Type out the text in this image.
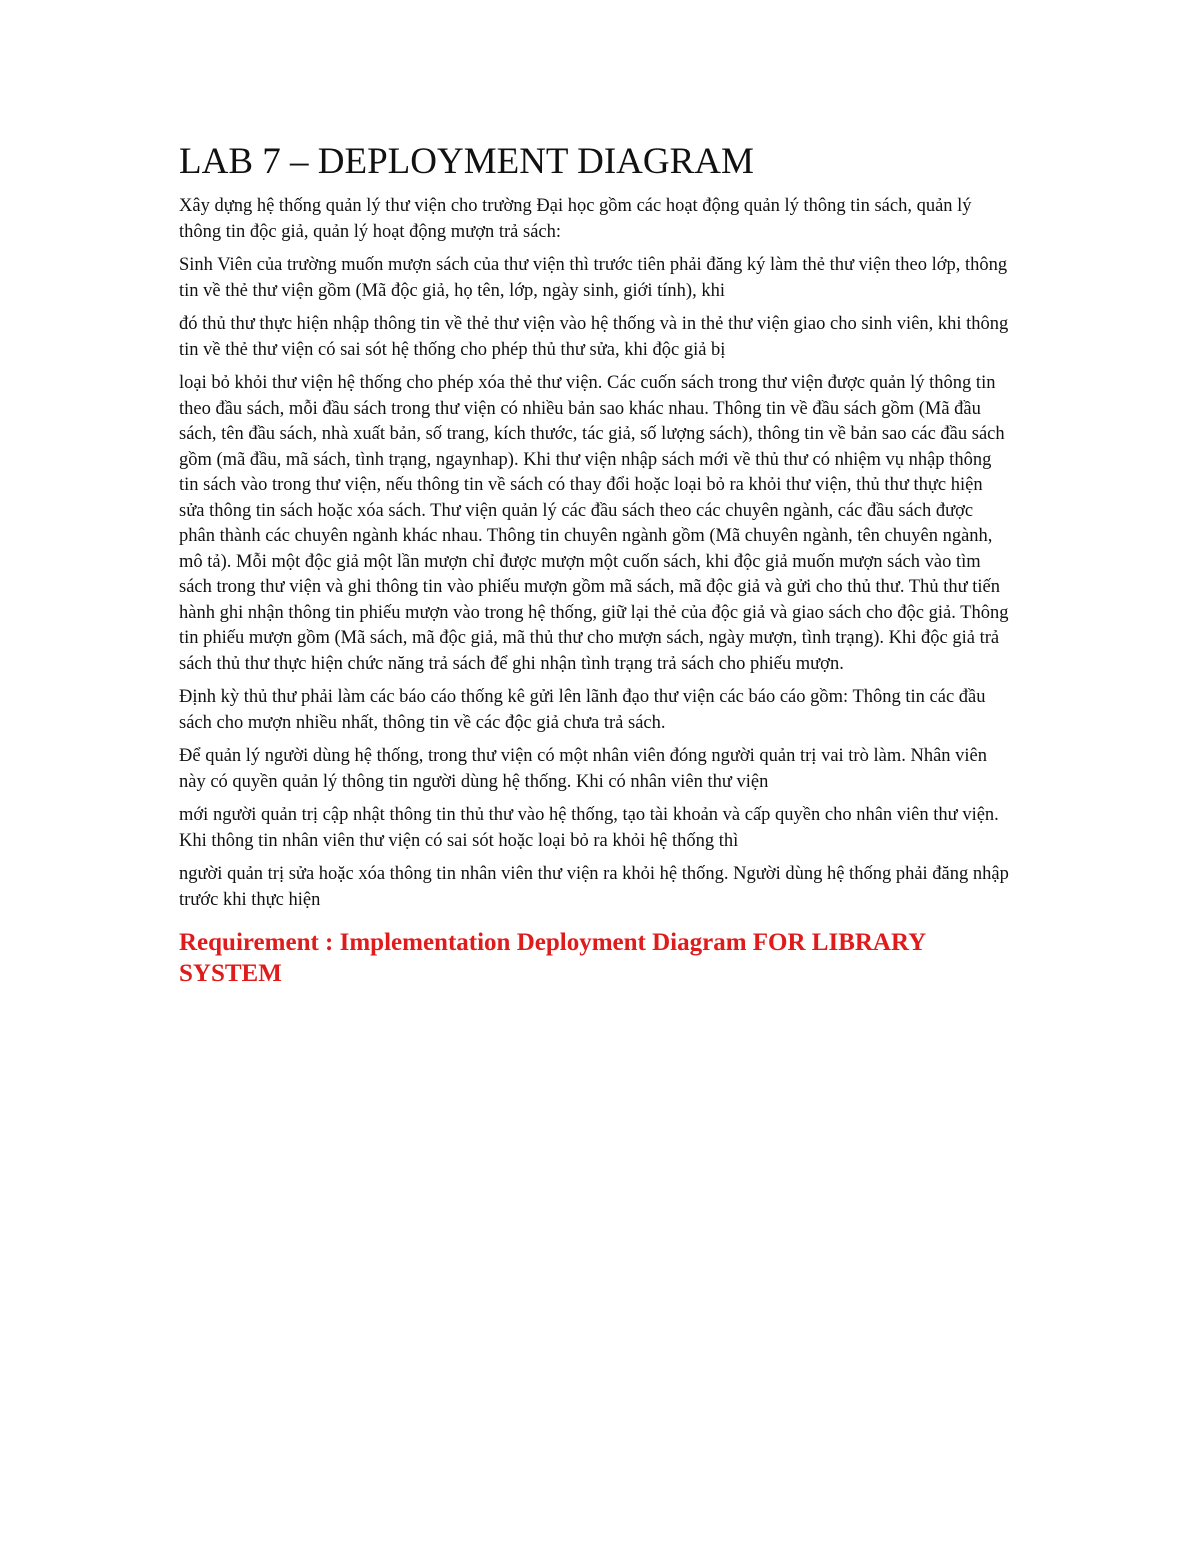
LAB 7 – DEPLOYMENT DIAGRAM

Xây dựng hệ thống quản lý thư viện cho trường Đại học gồm các hoạt động quản lý thông tin sách, quản lý thông tin độc giả, quản lý hoạt động mượn trả sách:

Sinh Viên của trường muốn mượn sách của thư viện thì trước tiên phải đăng ký làm thẻ thư viện theo lớp, thông tin về thẻ thư viện gồm (Mã độc giả, họ tên, lớp, ngày sinh, giới tính), khi

đó thủ thư thực hiện nhập thông tin về thẻ thư viện vào hệ thống và in thẻ thư viện giao cho sinh viên, khi thông tin về thẻ thư viện có sai sót hệ thống cho phép thủ thư sửa, khi độc giả bị

loại bỏ khỏi thư viện hệ thống cho phép xóa thẻ thư viện. Các cuốn sách trong thư viện được quản lý thông tin theo đầu sách, mỗi đầu sách trong thư viện có nhiều bản sao khác nhau. Thông tin về đầu sách gồm (Mã đầu sách, tên đầu sách, nhà xuất bản, số trang, kích thước, tác giả, số lượng sách), thông tin về bản sao các đầu sách gồm (mã đầu, mã sách, tình trạng, ngaynhap). Khi thư viện nhập sách mới về thủ thư có nhiệm vụ nhập thông tin sách vào trong thư viện, nếu thông tin về sách có thay đổi hoặc loại bỏ ra khỏi thư viện, thủ thư thực hiện sửa thông tin sách hoặc xóa sách. Thư viện quản lý các đầu sách theo các chuyên ngành, các đầu sách được phân thành các chuyên ngành khác nhau. Thông tin chuyên ngành gồm (Mã chuyên ngành, tên chuyên ngành, mô tả). Mỗi một độc giả một lần mượn chỉ được mượn một cuốn sách, khi độc giả muốn mượn sách vào tìm sách trong thư viện và ghi thông tin vào phiếu mượn gồm mã sách, mã độc giả và gửi cho thủ thư. Thủ thư tiến hành ghi nhận thông tin phiếu mượn vào trong hệ thống, giữ lại thẻ của độc giả và giao sách cho độc giả. Thông tin phiếu mượn gồm (Mã sách, mã độc giả, mã thủ thư cho mượn sách, ngày mượn, tình trạng). Khi độc giả trả sách thủ thư thực hiện chức năng trả sách để ghi nhận tình trạng trả sách cho phiếu mượn.

Định kỳ thủ thư phải làm các báo cáo thống kê gửi lên lãnh đạo thư viện các báo cáo gồm: Thông tin các đầu sách cho mượn nhiều nhất, thông tin về các độc giả chưa trả sách.

Để quản lý người dùng hệ thống, trong thư viện có một nhân viên đóng người quản trị vai trò làm. Nhân viên này có quyền quản lý thông tin người dùng hệ thống. Khi có nhân viên thư viện

mới người quản trị cập nhật thông tin thủ thư vào hệ thống, tạo tài khoản và cấp quyền cho nhân viên thư viện. Khi thông tin nhân viên thư viện có sai sót hoặc loại bỏ ra khỏi hệ thống thì

người quản trị sửa hoặc xóa thông tin nhân viên thư viện ra khỏi hệ thống. Người dùng hệ thống phải đăng nhập trước khi thực hiện

Requirement : Implementation Deployment Diagram FOR LIBRARY SYSTEM
